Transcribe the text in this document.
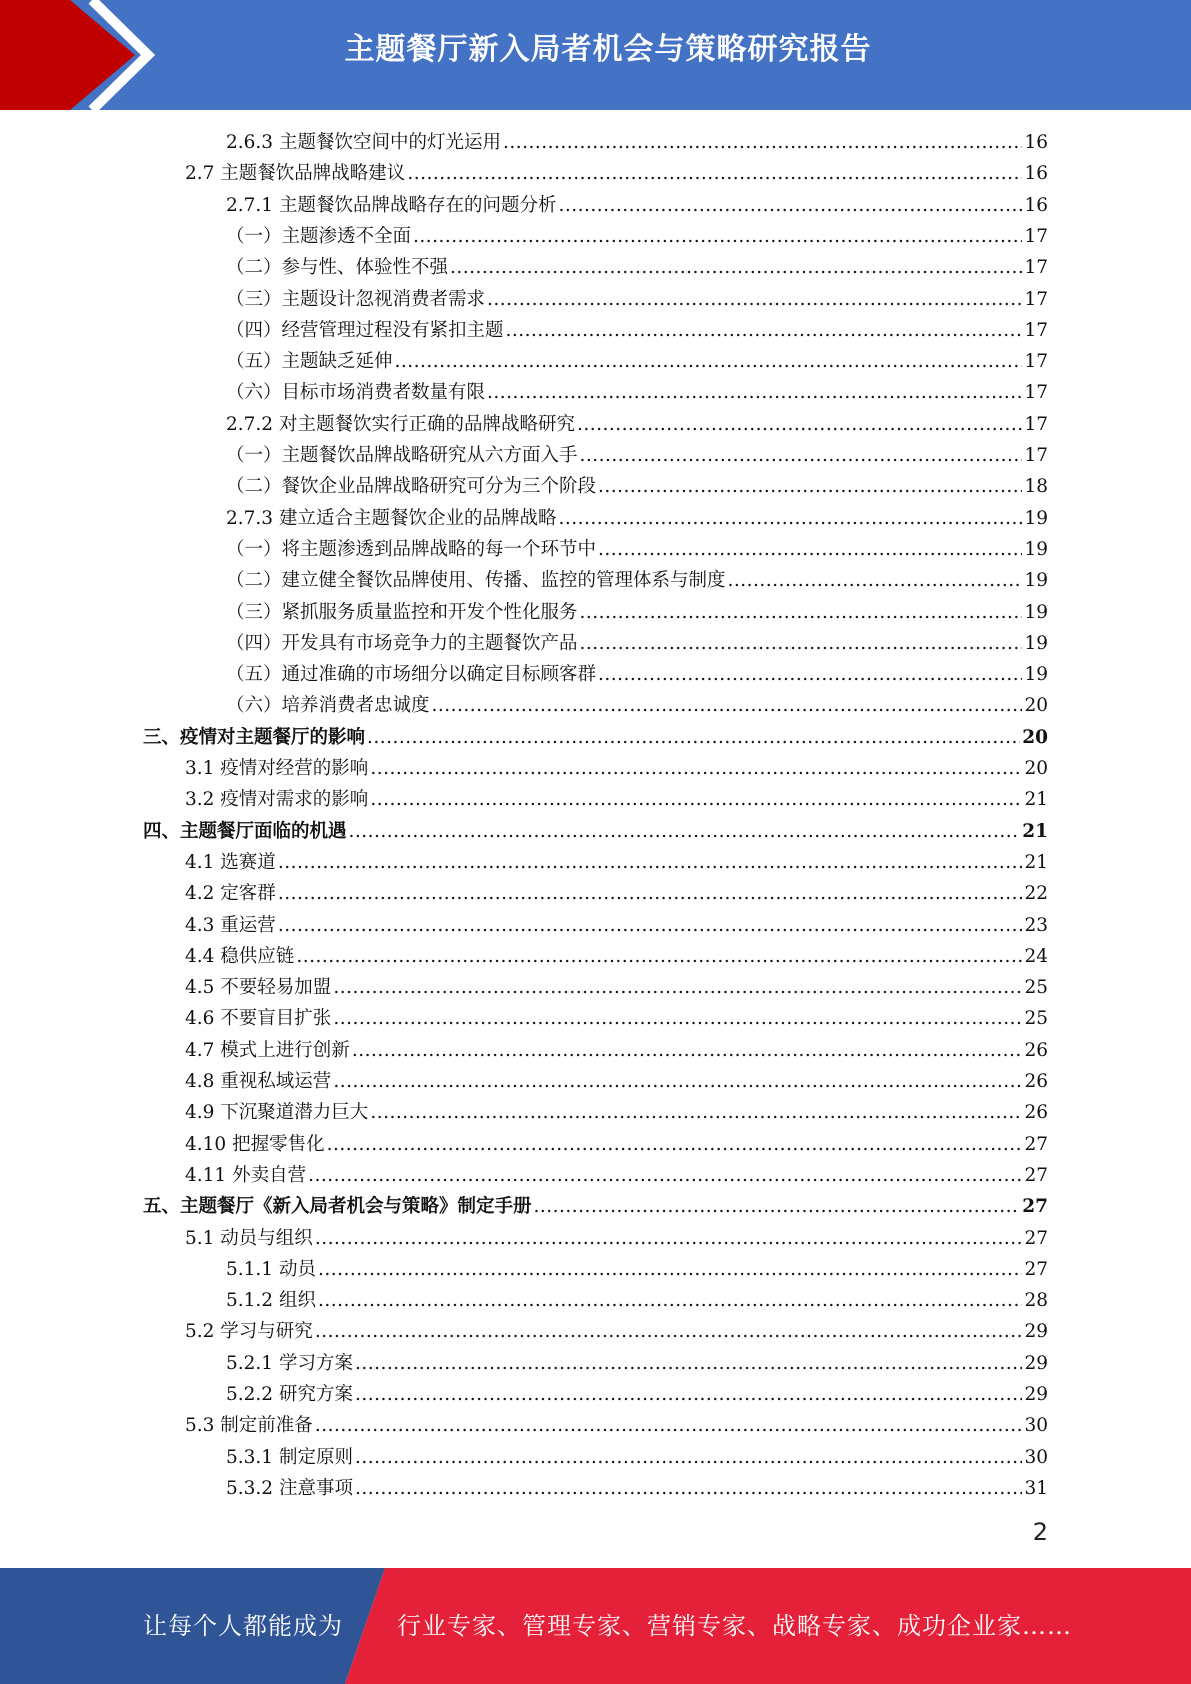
主题餐厅新入局者机会与策略研究报告
2.6.3 主题餐饮空间中的灯光运用 .....	16
2.7 主题餐饮品牌战略建议 .....	16
2.7.1 主题餐饮品牌战略存在的问题分析 .....	16
（一）主题渗透不全面 .....	17
（二）参与性、体验性不强 .....	17
（三）主题设计忽视消费者需求 .....	17
（四）经营管理过程没有紧扣主题 .....	17
（五）主题缺乏延伸 .....	17
（六）目标市场消费者数量有限 .....	17
2.7.2 对主题餐饮实行正确的品牌战略研究 .....	17
（一）主题餐饮品牌战略研究从六方面入手 .....	17
（二）餐饮企业品牌战略研究可分为三个阶段 .....	18
2.7.3 建立适合主题餐饮企业的品牌战略 .....	19
（一）将主题渗透到品牌战略的每一个环节中 .....	19
（二）建立健全餐饮品牌使用、传播、监控的管理体系与制度 .....	19
（三）紧抓服务质量监控和开发个性化服务 .....	19
（四）开发具有市场竞争力的主题餐饮产品 .....	19
（五）通过准确的市场细分以确定目标顾客群 .....	19
（六）培养消费者忠诚度 .....	20
三、疫情对主题餐厅的影响 .....	20
3.1 疫情对经营的影响 .....	20
3.2 疫情对需求的影响 .....	21
四、主题餐厅面临的机遇 .....	21
4.1 选赛道 .....	21
4.2 定客群 .....	22
4.3 重运营 .....	23
4.4 稳供应链 .....	24
4.5 不要轻易加盟 .....	25
4.6 不要盲目扩张 .....	25
4.7 模式上进行创新 .....	26
4.8 重视私域运营 .....	26
4.9 下沉聚道潜力巨大 .....	26
4.10 把握零售化 .....	27
4.11 外卖自营 .....	27
五、主题餐厅《新入局者机会与策略》制定手册 .....	27
5.1 动员与组织 .....	27
5.1.1 动员 .....	27
5.1.2 组织 .....	28
5.2 学习与研究 .....	29
5.2.1 学习方案 .....	29
5.2.2 研究方案 .....	29
5.3 制定前准备 .....	30
5.3.1 制定原则 .....	30
5.3.2 注意事项 .....	31
2
让每个人都能成为 行业专家、管理专家、营销专家、战略专家、成功企业家……
